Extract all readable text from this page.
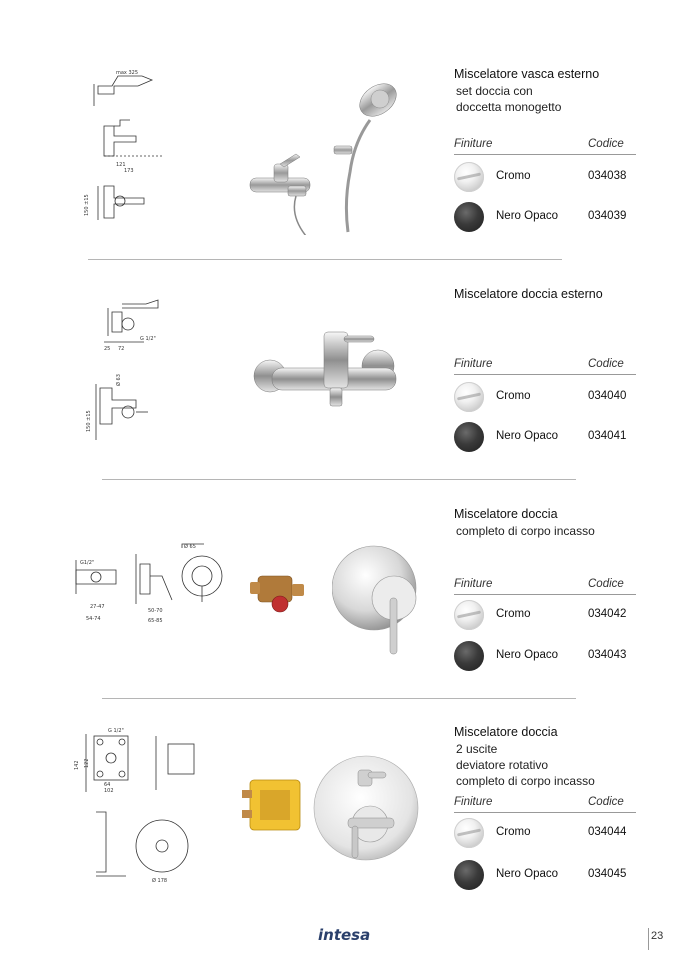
max 325
121
173
150 ±15
Miscelatore vasca esterno
set doccia con
doccetta monogetto
Finiture	Codice
Cromo	034038
Nero Opaco	034039
G 1/2"
25 72
150 ±15
Ø 63
Miscelatore doccia esterno
Finiture	Codice
Cromo	034040
Nero Opaco	034041
Ø 65
G1/2"
27-47
54-74
50-70
65-85
Miscelatore doccia
completo di corpo incasso
Finiture	Codice
Cromo	034042
Nero Opaco	034043
G 1/2"
142 122
102
64
Ø 178
Miscelatore doccia
2 uscite
deviatore rotativo
completo di corpo incasso
Finiture	Codice
Cromo	034044
Nero Opaco	034045
intesa	23
